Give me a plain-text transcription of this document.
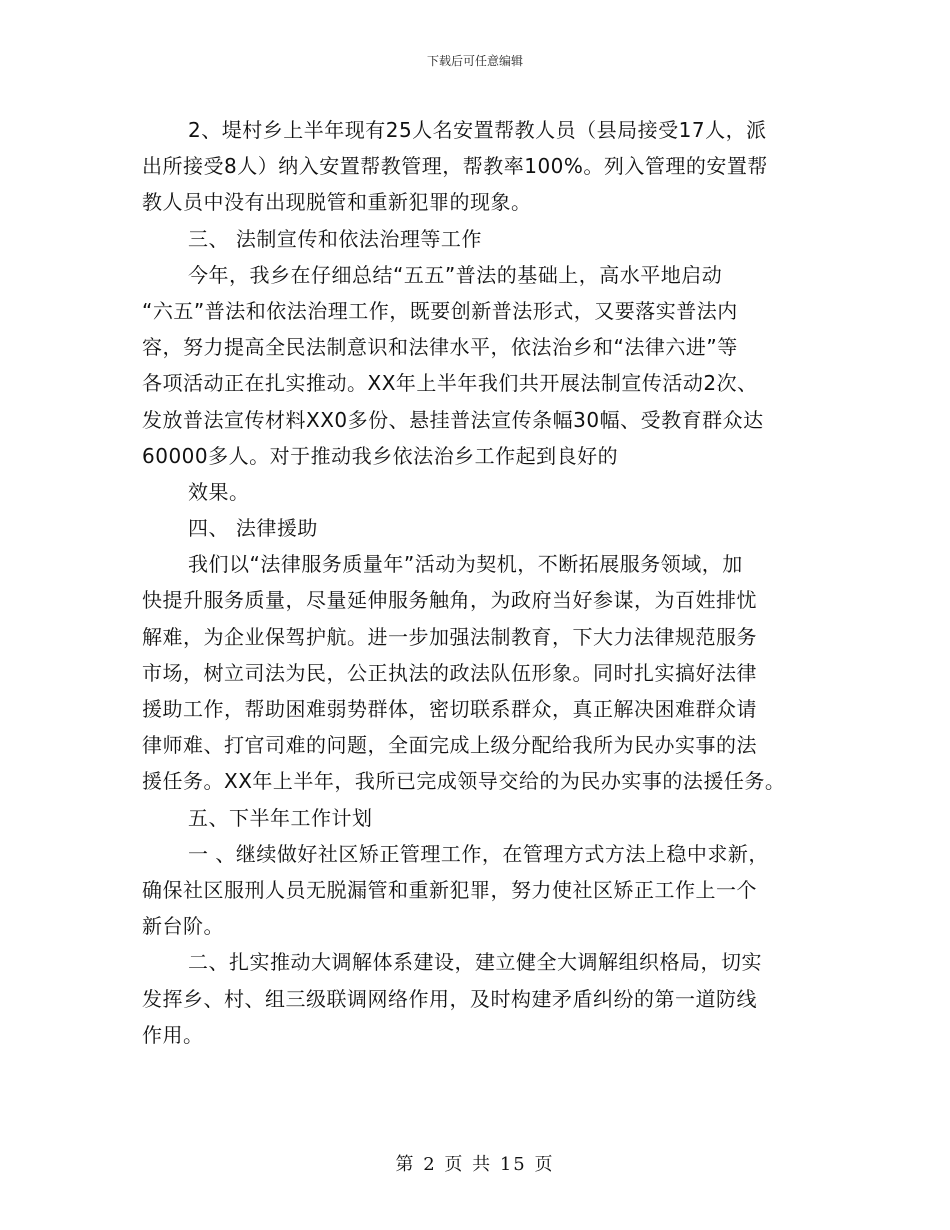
下载后可任意编辑

2、堤村乡上半年现有25人名安置帮教人员（县局接受17人，派

出所接受8人）纳入安置帮教管理，帮教率100%。列入管理的安置帮

教人员中没有出现脱管和重新犯罪的现象。

三、 法制宣传和依法治理等工作

今年，我乡在仔细总结“五五”普法的基础上，高水平地启动

“六五”普法和依法治理工作，既要创新普法形式，又要落实普法内

容，努力提高全民法制意识和法律水平，依法治乡和“法律六进”等

各项活动正在扎实推动。XX年上半年我们共开展法制宣传活动2次、

发放普法宣传材料XX0多份、悬挂普法宣传条幅30幅、受教育群众达

60000多人。对于推动我乡依法治乡工作起到良好的

效果。

四、 法律援助

我们以“法律服务质量年”活动为契机，不断拓展服务领域，加

快提升服务质量，尽量延伸服务触角，为政府当好参谋，为百姓排忧

解难，为企业保驾护航。进一步加强法制教育，下大力法律规范服务

市场，树立司法为民，公正执法的政法队伍形象。同时扎实搞好法律

援助工作，帮助困难弱势群体，密切联系群众，真正解决困难群众请

律师难、打官司难的问题，全面完成上级分配给我所为民办实事的法

援任务。XX年上半年，我所已完成领导交给的为民办实事的法援任务。

五、下半年工作计划

一 、继续做好社区矫正管理工作，在管理方式方法上稳中求新，

确保社区服刑人员无脱漏管和重新犯罪，努力使社区矫正工作上一个

新台阶。

二、扎实推动大调解体系建设，建立健全大调解组织格局，切实

发挥乡、村、组三级联调网络作用，及时构建矛盾纠纷的第一道防线

作用。

第 2 页 共 15 页
